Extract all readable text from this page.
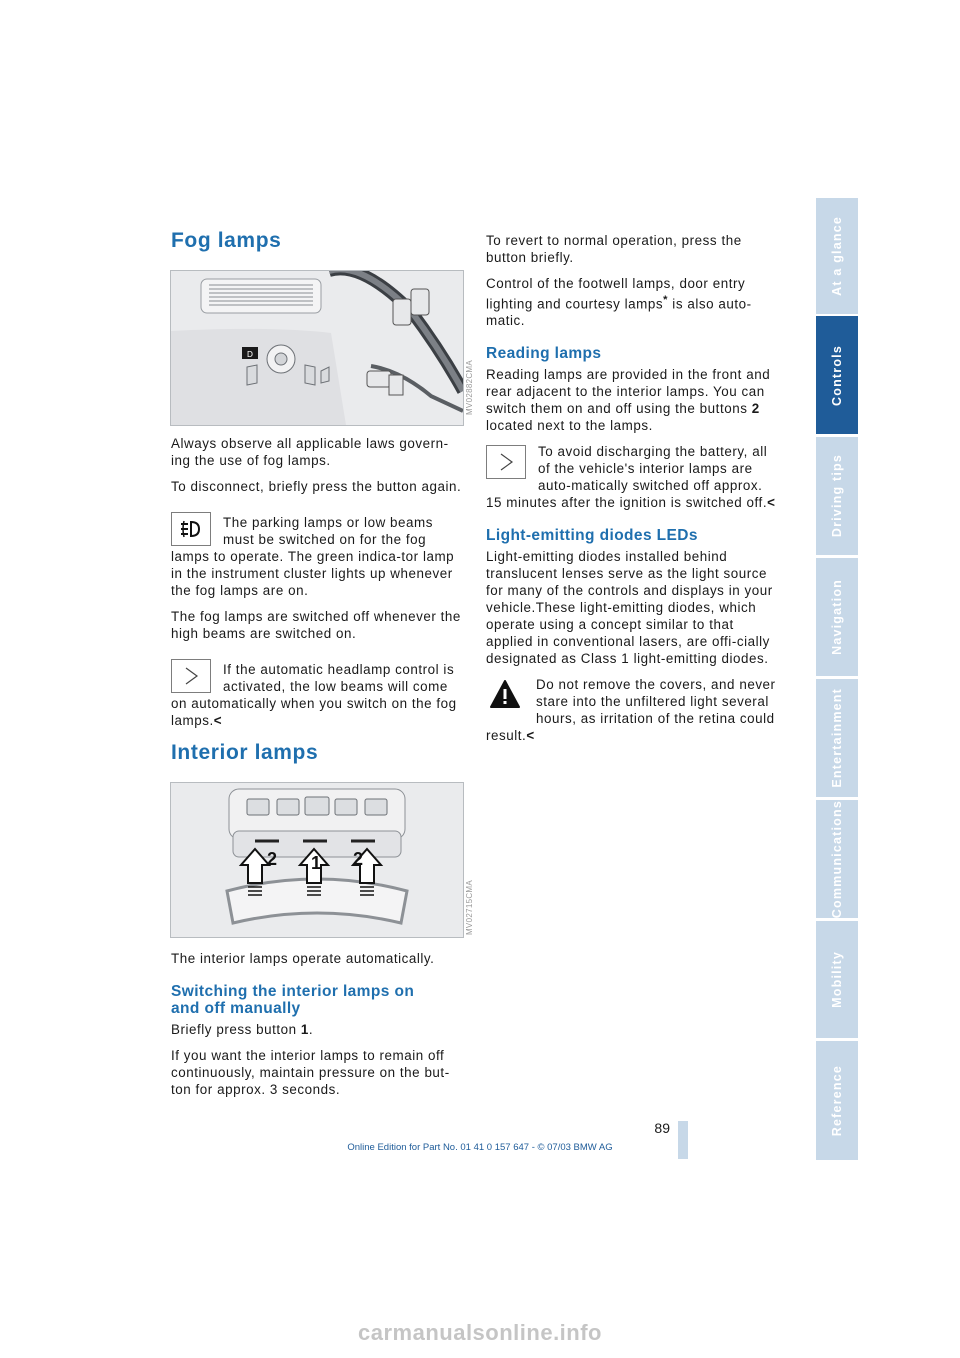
At a glance
Controls
Driving tips
Navigation
Entertainment
Communications
Mobility
Reference
Fog lamps
D
MV02882CMA

Always observe all applicable laws govern-ing the use of fog lamps.

To disconnect, briefly press the button again.

The parking lamps or low beams must be switched on for the fog lamps to operate. The green indica-tor lamp in the instrument cluster lights up whenever the fog lamps are on.

The fog lamps are switched off whenever the high beams are switched on.

If the automatic headlamp control is activated, the low beams will come on automatically when you switch on the fog lamps.<

Interior lamps
2 1 2
MV02715CMA

The interior lamps operate automatically.

Switching the interior lamps on and off manually

Briefly press button 1.

If you want the interior lamps to remain off continuously, maintain pressure on the but-ton for approx. 3 seconds.

To revert to normal operation, press the button briefly.

Control of the footwell lamps, door entry lighting and courtesy lamps* is also auto-matic.

Reading lamps

Reading lamps are provided in the front and rear adjacent to the interior lamps. You can switch them on and off using the buttons 2 located next to the lamps.

To avoid discharging the battery, all of the vehicle's interior lamps are auto-matically switched off approx. 15 minutes after the ignition is switched off.<

Light-emitting diodes LEDs

Light-emitting diodes installed behind translucent lenses serve as the light source for many of the controls and displays in your vehicle.These light-emitting diodes, which operate using a concept similar to that applied in conventional lasers, are offi-cially designated as Class 1 light-emitting diodes.

Do not remove the covers, and never stare into the unfiltered light several hours, as irritation of the retina could result.<

89
Online Edition for Part No. 01 41 0 157 647 - © 07/03 BMW AG
carmanualsonline.info
